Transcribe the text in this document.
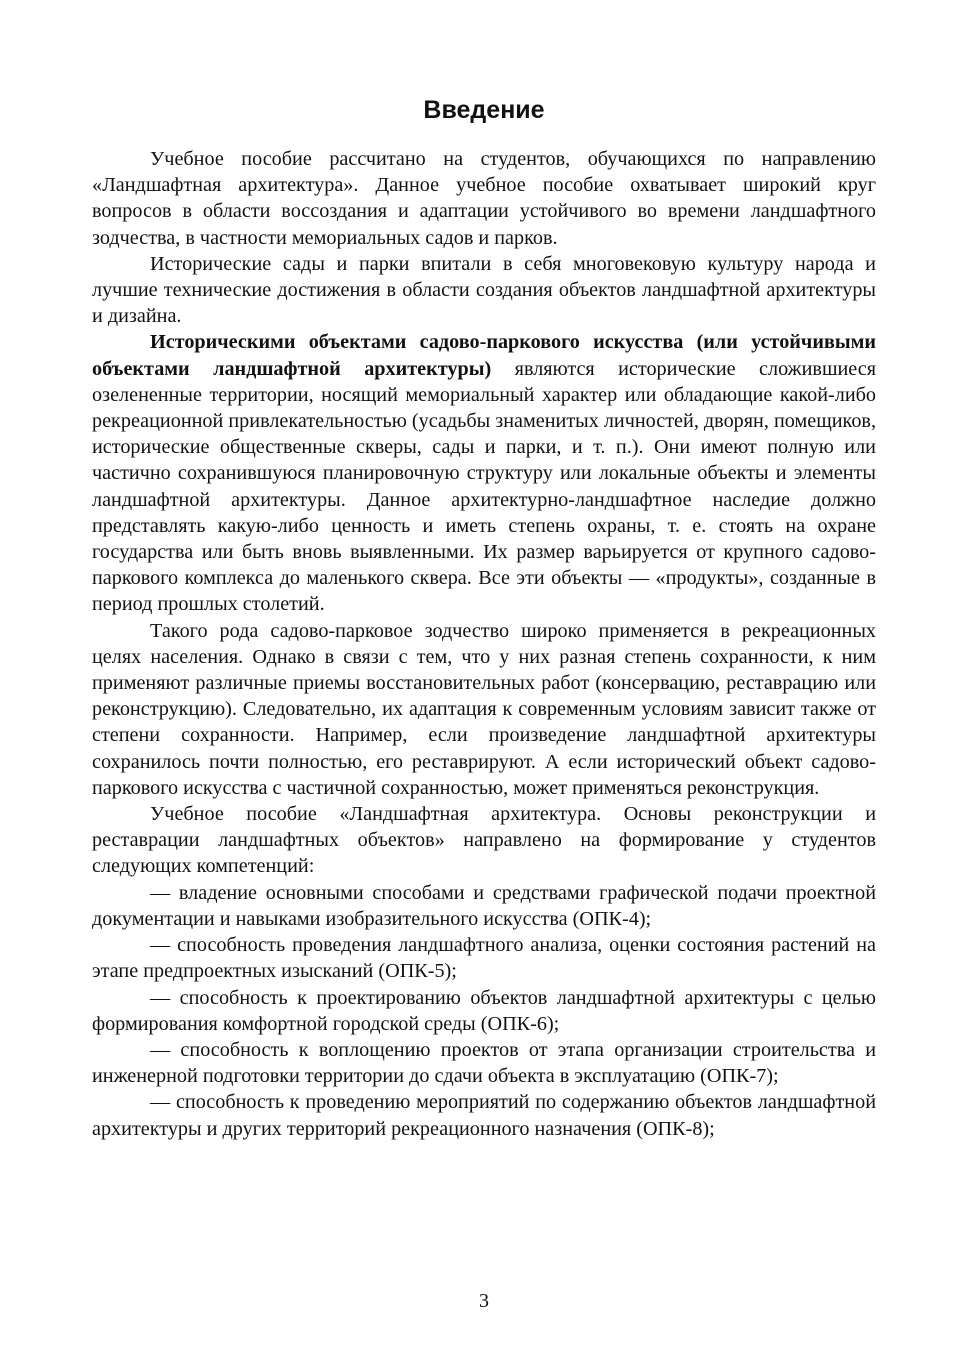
Введение

Учебное пособие рассчитано на студентов, обучающихся по направлению «Ландшафтная архитектура». Данное учебное пособие охватывает широкий круг вопросов в области воссоздания и адаптации устойчивого во времени ландшафтного зодчества, в частности мемориальных садов и парков.

Исторические сады и парки впитали в себя многовековую культуру народа и лучшие технические достижения в области создания объектов ландшафтной архитектуры и дизайна.

Историческими объектами садово-паркового искусства (или устойчивыми объектами ландшафтной архитектуры) являются исторические сложившиеся озелененные территории, носящий мемориальный характер или обладающие какой-либо рекреационной привлекательностью (усадьбы знаменитых личностей, дворян, помещиков, исторические общественные скверы, сады и парки, и т. п.). Они имеют полную или частично сохранившуюся планировочную структуру или локальные объекты и элементы ландшафтной архитектуры. Данное архитектурно-ландшафтное наследие должно представлять какую-либо ценность и иметь степень охраны, т. е. стоять на охране государства или быть вновь выявленными. Их размер варьируется от крупного садово-паркового комплекса до маленького сквера. Все эти объекты — «продукты», созданные в период прошлых столетий.

Такого рода садово-парковое зодчество широко применяется в рекреационных целях населения. Однако в связи с тем, что у них разная степень сохранности, к ним применяют различные приемы восстановительных работ (консервацию, реставрацию или реконструкцию). Следовательно, их адаптация к современным условиям зависит также от степени сохранности. Например, если произведение ландшафтной архитектуры сохранилось почти полностью, его реставрируют. А если исторический объект садово-паркового искусства с частичной сохранностью, может применяться реконструкция.

Учебное пособие «Ландшафтная архитектура. Основы реконструкции и реставрации ландшафтных объектов» направлено на формирование у студентов следующих компетенций:

— владение основными способами и средствами графической подачи проектной документации и навыками изобразительного искусства (ОПК-4);

— способность проведения ландшафтного анализа, оценки состояния растений на этапе предпроектных изысканий (ОПК-5);

— способность к проектированию объектов ландшафтной архитектуры с целью формирования комфортной городской среды (ОПК-6);

— способность к воплощению проектов от этапа организации строительства и инженерной подготовки территории до сдачи объекта в эксплуатацию (ОПК-7);

— способность к проведению мероприятий по содержанию объектов ландшафтной архитектуры и других территорий рекреационного назначения (ОПК-8);

3
